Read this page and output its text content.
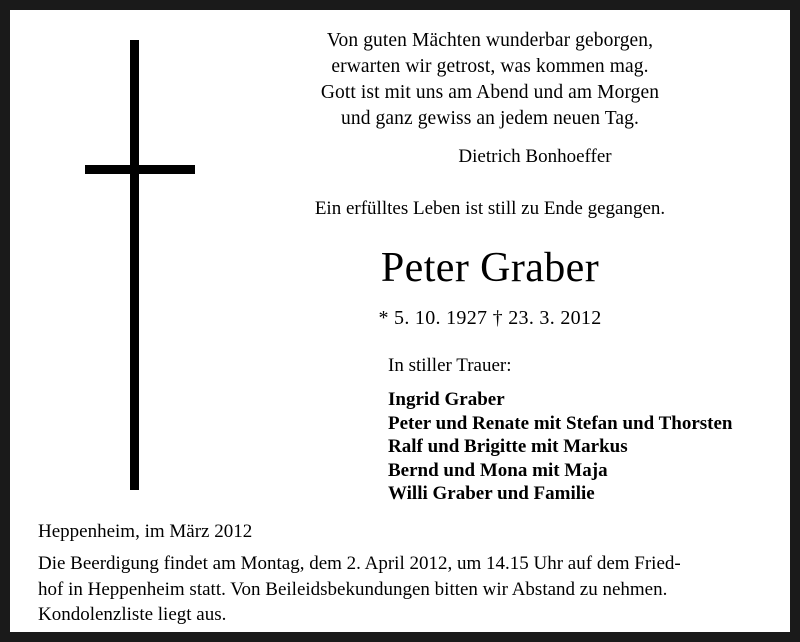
Von guten Mächten wunderbar geborgen,
erwarten wir getrost, was kommen mag.
Gott ist mit uns am Abend und am Morgen
und ganz gewiss an jedem neuen Tag.
Dietrich Bonhoeffer
Ein erfülltes Leben ist still zu Ende gegangen.
Peter Graber
* 5. 10. 1927 † 23. 3. 2012
In stiller Trauer:
Ingrid Graber
Peter und Renate mit Stefan und Thorsten
Ralf und Brigitte mit Markus
Bernd und Mona mit Maja
Willi Graber und Familie
Heppenheim, im März 2012
Die Beerdigung findet am Montag, dem 2. April 2012, um 14.15 Uhr auf dem Fried-
hof in Heppenheim statt. Von Beileidsbekundungen bitten wir Abstand zu nehmen.
Kondolenzliste liegt aus.
